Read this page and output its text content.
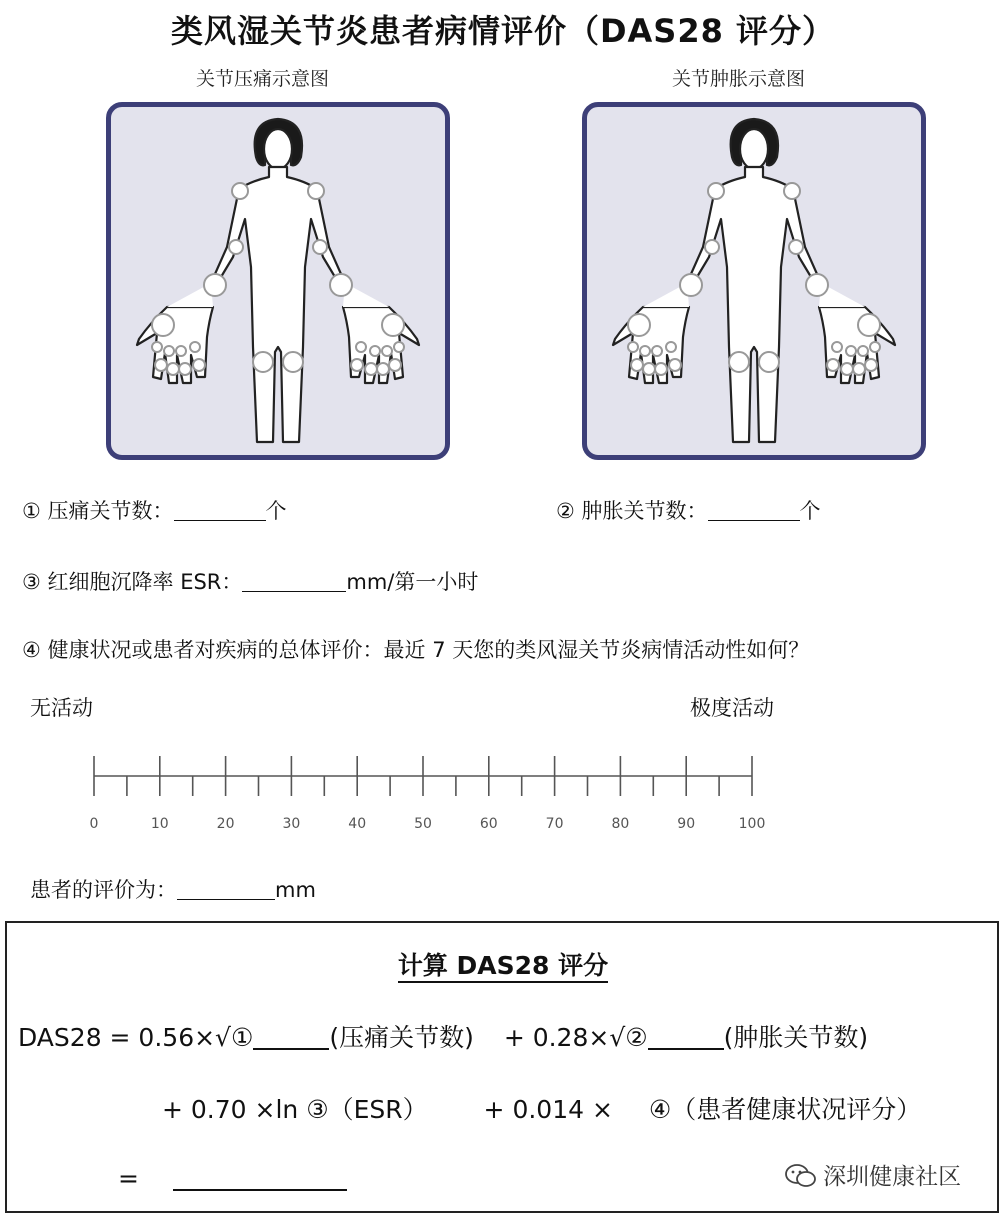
类风湿关节炎患者病情评价（DAS28 评分）
关节压痛示意图	关节肿胀示意图
① 压痛关节数：	个	② 肿胀关节数：	个
③ 红细胞沉降率 ESR：	mm/第一小时
④ 健康状况或患者对疾病的总体评价：最近 7 天您的类风湿关节炎病情活动性如何？
无活动	极度活动
0	10	20	30	40	50	60	70	80	90	100
患者的评价为：	mm
计算 DAS28 评分
DAS28 = 0.56×√①	(压痛关节数) + 0.28×√②	(肿胀关节数)
+ 0.70 ×ln ③（ESR） + 0.014 × ④（患者健康状况评分）
=	深圳健康社区
